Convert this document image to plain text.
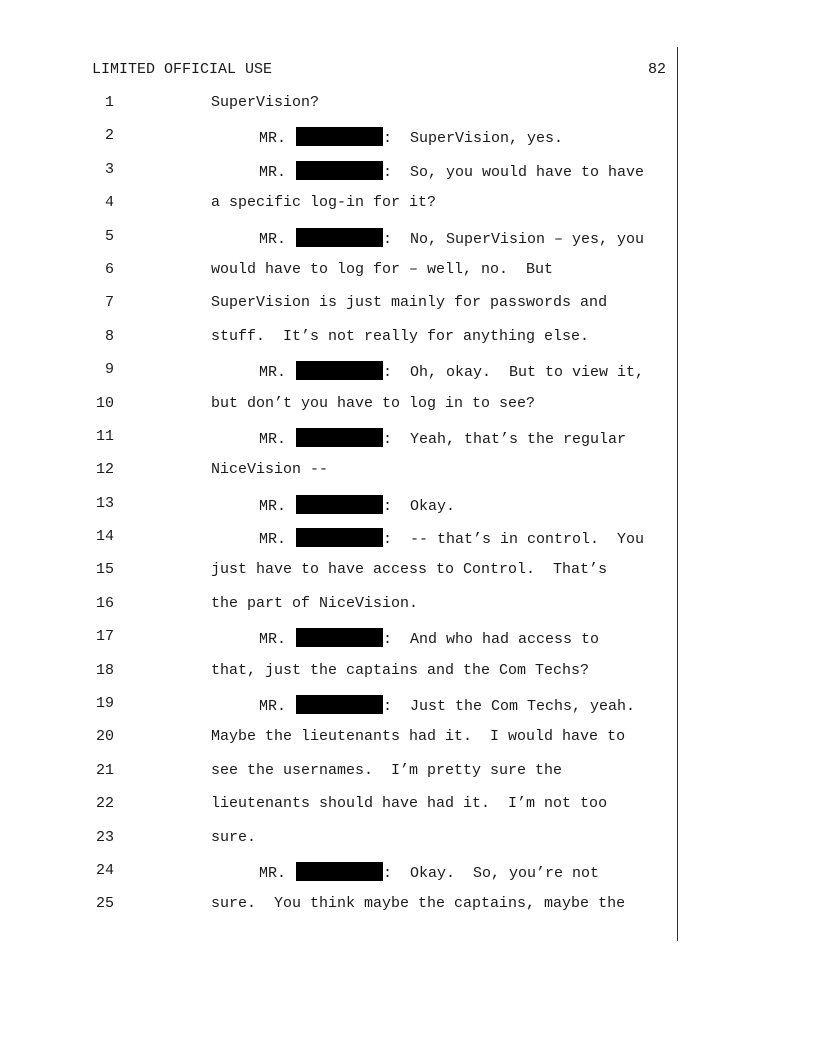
LIMITED OFFICIAL USE	82
1	SuperVision?
2	MR.	:  SuperVision, yes.
3	MR.	:  So, you would have to have
4	a specific log-in for it?
5	MR.	:  No, SuperVision – yes, you
6	would have to log for – well, no.  But
7	SuperVision is just mainly for passwords and
8	stuff.  It’s not really for anything else.
9	MR.	:  Oh, okay.  But to view it,
10	but don’t you have to log in to see?
11	MR.	:  Yeah, that’s the regular
12	NiceVision --
13	MR.	:  Okay.
14	MR.	:  -- that’s in control.  You
15	just have to have access to Control.  That’s
16	the part of NiceVision.
17	MR.	:  And who had access to
18	that, just the captains and the Com Techs?
19	MR.	:  Just the Com Techs, yeah.
20	Maybe the lieutenants had it.  I would have to
21	see the usernames.  I’m pretty sure the
22	lieutenants should have had it.  I’m not too
23	sure.
24	MR.	:  Okay.  So, you’re not
25	sure.  You think maybe the captains, maybe the
